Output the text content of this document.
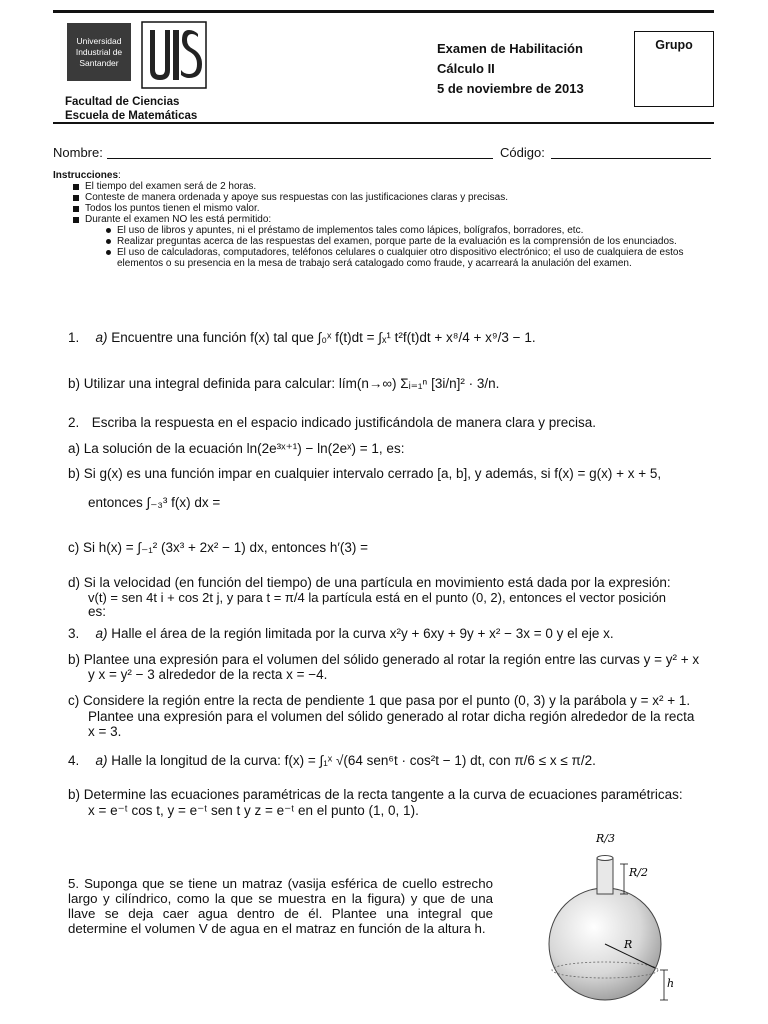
Universidad
Industrial de
Santander
Facultad de Ciencias
Escuela de Matemáticas
Examen de Habilitación
Cálculo II
5 de noviembre de 2013
Grupo
Nombre:	Código:
Instrucciones:
El tiempo del examen será de 2 horas.
Conteste de manera ordenada y apoye sus respuestas con las justificaciones claras y precisas.
Todos los puntos tienen el mismo valor.
Durante el examen NO les está permitido:
El uso de libros y apuntes, ni el préstamo de implementos tales como lápices, bolígrafos, borradores, etc.
Realizar preguntas acerca de las respuestas del examen, porque parte de la evaluación es la comprensión de los enunciados.
El uso de calculadoras, computadores, teléfonos celulares o cualquier otro dispositivo electrónico; el uso de cualquiera de estos elementos o su presencia en la mesa de trabajo será catalogado como fraude, y acarreará la anulación del examen.
1. a) Encuentre una función f(x) tal que ∫₀ˣ f(t)dt = ∫ₓ¹ t²f(t)dt + x⁸/4 + x⁹/3 − 1.
b) Utilizar una integral definida para calcular: lím(n→∞) Σᵢ₌₁ⁿ [3i/n]² · 3/n.
2. Escriba la respuesta en el espacio indicado justificándola de manera clara y precisa.
a) La solución de la ecuación ln(2e³ˣ⁺¹) − ln(2eˣ) = 1, es:
b) Si g(x) es una función impar en cualquier intervalo cerrado [a, b], y además, si f(x) = g(x) + x + 5,
entonces ∫₋₃³ f(x) dx =
c) Si h(x) = ∫₋₁² (3x³ + 2x² − 1) dx, entonces h′(3) =
d) Si la velocidad (en función del tiempo) de una partícula en movimiento está dada por la expresión:
v(t) = sen 4t i + cos 2t j, y para t = π/4 la partícula está en el punto (0, 2), entonces el vector posición
es:
3. a) Halle el área de la región limitada por la curva x²y + 6xy + 9y + x² − 3x = 0 y el eje x.
b) Plantee una expresión para el volumen del sólido generado al rotar la región entre las curvas y = y² + x
y x = y² − 3 alrededor de la recta x = −4.
c) Considere la región entre la recta de pendiente 1 que pasa por el punto (0, 3) y la parábola y = x² + 1.
Plantee una expresión para el volumen del sólido generado al rotar dicha región alrededor de la recta
x = 3.
4. a) Halle la longitud de la curva: f(x) = ∫₁ˣ √(64 sen⁶t · cos²t − 1) dt, con π/6 ≤ x ≤ π/2.
b) Determine las ecuaciones paramétricas de la recta tangente a la curva de ecuaciones paramétricas:
x = e⁻ᵗ cos t, y = e⁻ᵗ sen t y z = e⁻ᵗ en el punto (1, 0, 1).
5. Suponga que se tiene un matraz (vasija esférica de cuello estrecho largo y cilíndrico, como la que se muestra en la figura) y que de una llave se deja caer agua dentro de él. Plantee una integral que determine el volumen V de agua en el matraz en función de la altura h.
R/3
R/2
R
h
